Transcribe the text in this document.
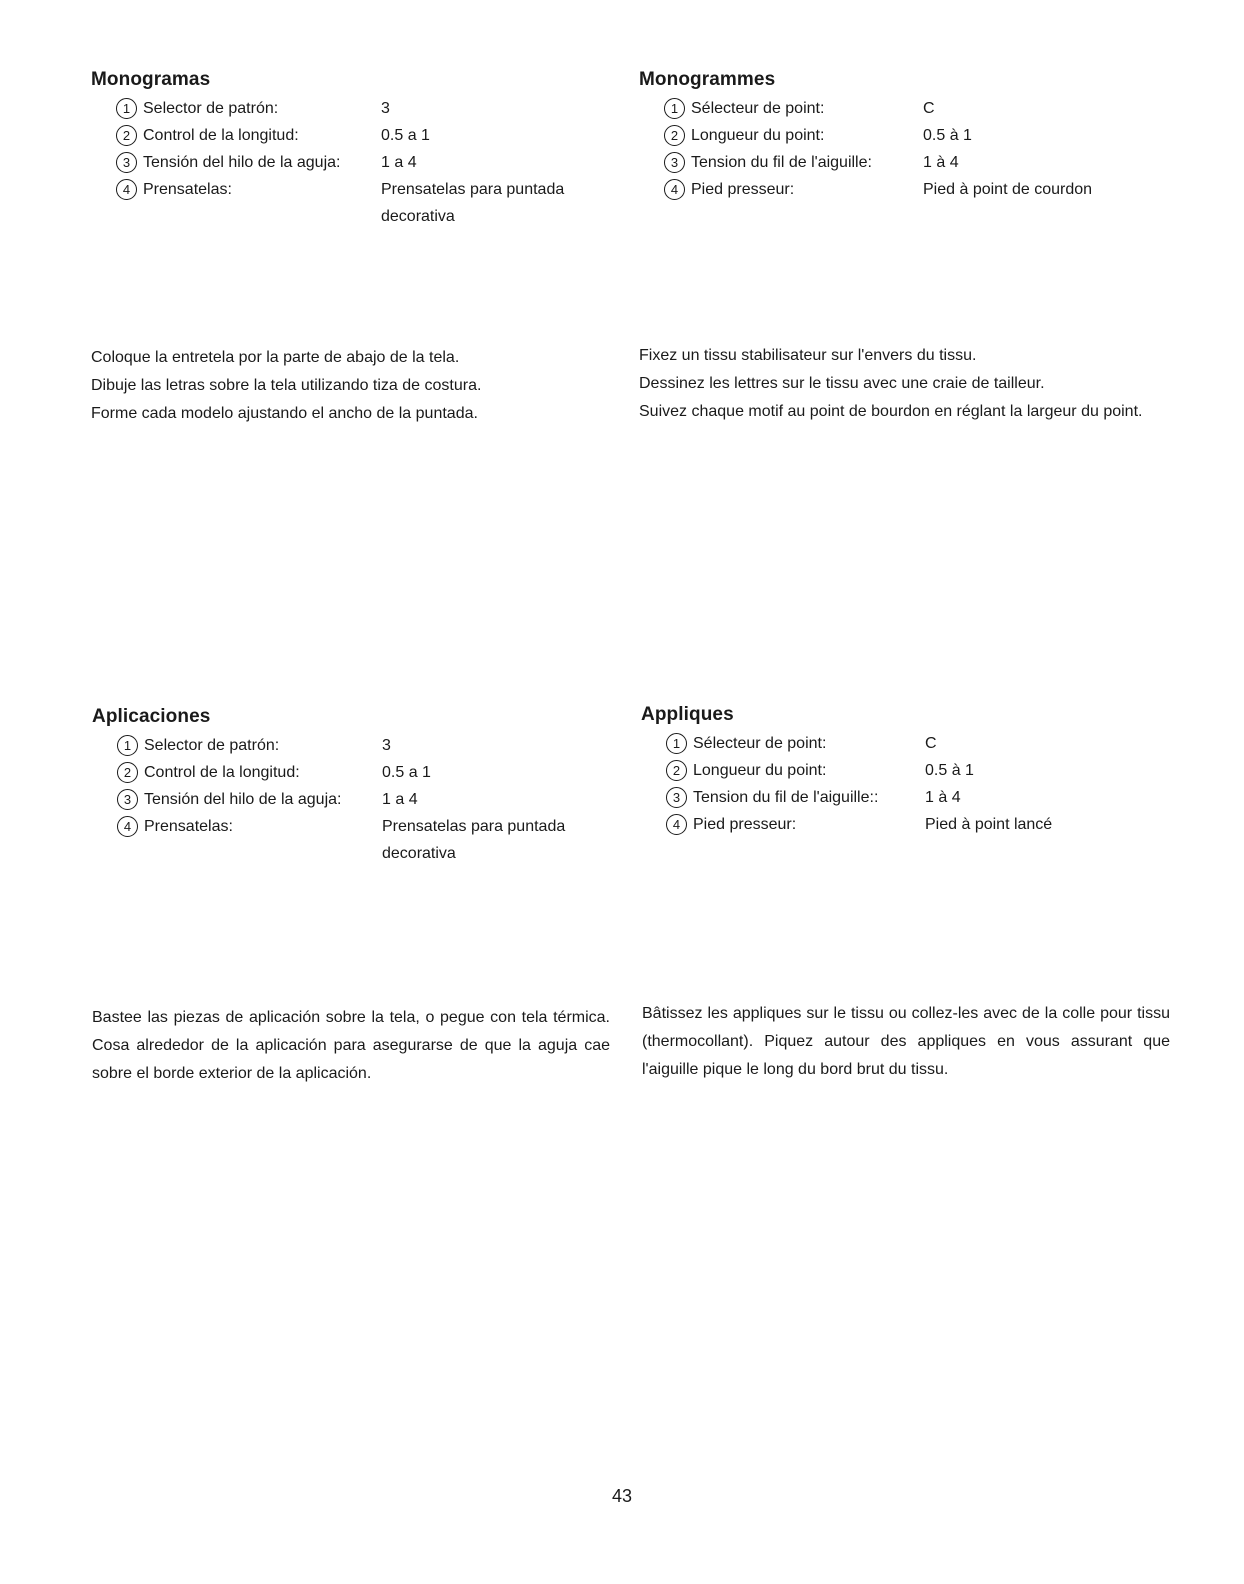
Monogramas
1 Selector de patrón:	3
2 Control de la longitud:	0.5 a 1
3 Tensión del hilo de la aguja:	1 a 4
4 Prensatelas:	Prensatelas para puntada decorativa
Monogrammes
1 Sélecteur de point:	C
2 Longueur du point:	0.5 à 1
3 Tension du fil de l'aiguille:	1 à 4
4 Pied presseur:	Pied à point de courdon

Coloque la entretela por la parte de abajo de la tela.
Dibuje las letras sobre la tela utilizando tiza de costura.
Forme cada modelo ajustando el ancho de la puntada.

Fixez un tissu stabilisateur sur l'envers du tissu.
Dessinez les lettres sur le tissu avec une craie de tailleur.
Suivez chaque motif au point de bourdon en réglant la largeur du point.

Aplicaciones
1 Selector de patrón:	3
2 Control de la longitud:	0.5 a 1
3 Tensión del hilo de la aguja:	1 a 4
4 Prensatelas:	Prensatelas para puntada decorativa
Appliques
1 Sélecteur de point:	C
2 Longueur du point:	0.5 à 1
3 Tension du fil de l'aiguille::	1 à 4
4 Pied presseur:	Pied à point lancé

Bastee las piezas de aplicación sobre la tela, o pegue con tela térmica. Cosa alrededor de la aplicación para asegurarse de que la aguja cae sobre el borde exterior de la aplicación.

Bâtissez les appliques sur le tissu ou collez-les avec de la colle pour tissu (thermocollant). Piquez autour des appliques en vous assurant que l'aiguille pique le long du bord brut du tissu.

43
